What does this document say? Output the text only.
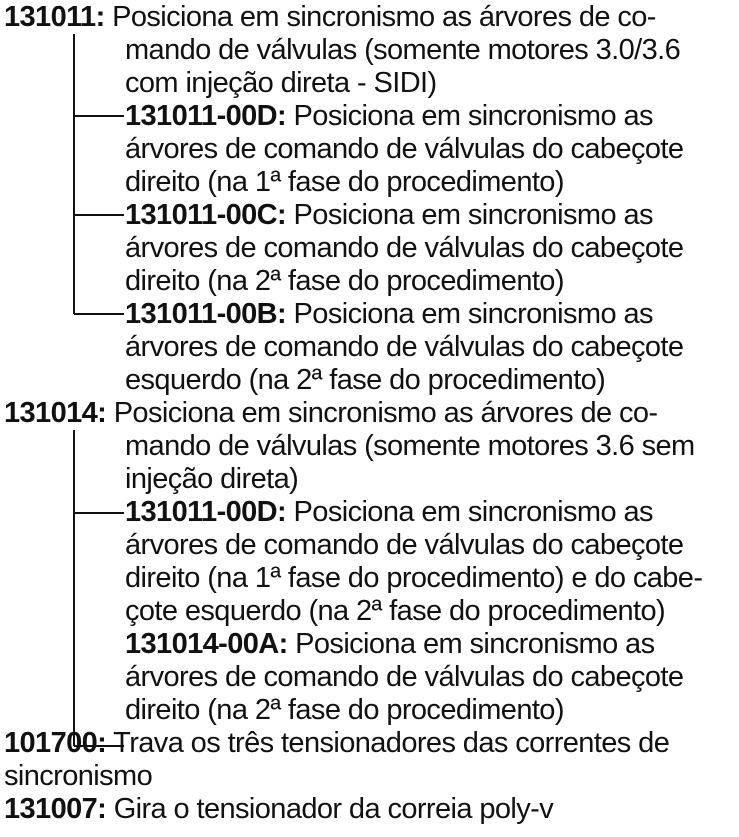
131011: Posiciona em sincronismo as árvores de co-
mando de válvulas (somente motores 3.0/3.6
com injeção direta - SIDI)
131011-00D: Posiciona em sincronismo as
árvores de comando de válvulas do cabeçote
direito (na 1ª fase do procedimento)
131011-00C: Posiciona em sincronismo as
árvores de comando de válvulas do cabeçote
direito (na 2ª fase do procedimento)
131011-00B: Posiciona em sincronismo as
árvores de comando de válvulas do cabeçote
esquerdo (na 2ª fase do procedimento)
131014: Posiciona em sincronismo as árvores de co-
mando de válvulas (somente motores 3.6 sem
injeção direta)
131011-00D: Posiciona em sincronismo as
árvores de comando de válvulas do cabeçote
direito (na 1ª fase do procedimento) e do cabe-
çote esquerdo (na 2ª fase do procedimento)
131014-00A: Posiciona em sincronismo as
árvores de comando de válvulas do cabeçote
direito (na 2ª fase do procedimento)
101700: Trava os três tensionadores das correntes de
sincronismo
131007: Gira o tensionador da correia poly-v
